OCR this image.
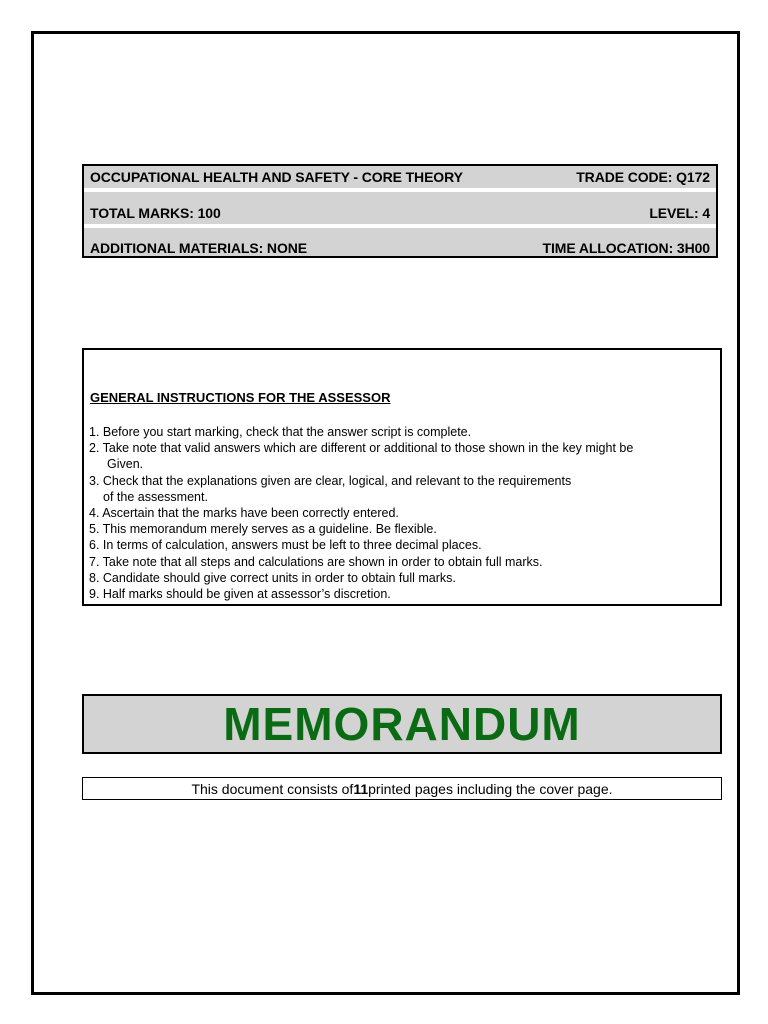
OCCUPATIONAL HEALTH AND SAFETY - CORE THEORY	TRADE CODE: Q172
TOTAL MARKS: 100	LEVEL: 4
ADDITIONAL MATERIALS: NONE	TIME ALLOCATION: 3H00
GENERAL INSTRUCTIONS FOR THE ASSESSOR
1. Before you start marking, check that the answer script is complete.
2. Take note that valid answers which are different or additional to those shown in the key might be
Given.
3. Check that the explanations given are clear, logical, and relevant to the requirements
of the assessment.
4. Ascertain that the marks have been correctly entered.
5. This memorandum merely serves as a guideline. Be flexible.
6. In terms of calculation, answers must be left to three decimal places.
7. Take note that all steps and calculations are shown in order to obtain full marks.
8. Candidate should give correct units in order to obtain full marks.
9. Half marks should be given at assessor’s discretion.
MEMORANDUM
This document consists of 11 printed pages including the cover page.
